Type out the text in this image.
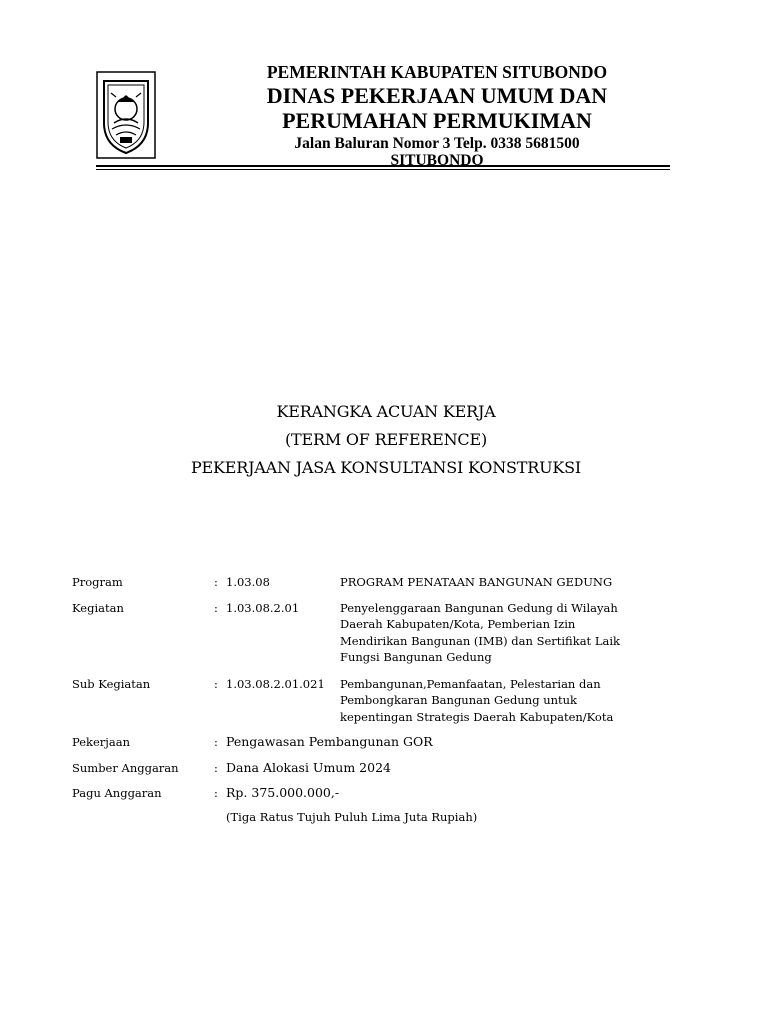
PEMERINTAH KABUPATEN SITUBONDO
DINAS PEKERJAAN UMUM DAN
PERUMAHAN PERMUKIMAN
Jalan Baluran Nomor 3 Telp. 0338 5681500
SITUBONDO
KERANGKA ACUAN KERJA
(TERM OF REFERENCE)
PEKERJAAN JASA KONSULTANSI KONSTRUKSI
Program	: 1.03.08	PROGRAM PENATAAN BANGUNAN GEDUNG
Kegiatan	: 1.03.08.2.01	Penyelenggaraan Bangunan Gedung di Wilayah Daerah Kabupaten/Kota, Pemberian Izin Mendirikan Bangunan (IMB) dan Sertifikat Laik Fungsi Bangunan Gedung
Sub Kegiatan	: 1.03.08.2.01.021 Pembangunan,Pemanfaatan, Pelestarian dan Pembongkaran Bangunan Gedung untuk kepentingan Strategis Daerah Kabupaten/Kota
Pekerjaan	: Pengawasan Pembangunan GOR
Sumber Anggaran	: Dana Alokasi Umum 2024
Pagu Anggaran	: Rp. 375.000.000,-
(Tiga Ratus Tujuh Puluh Lima Juta Rupiah)
